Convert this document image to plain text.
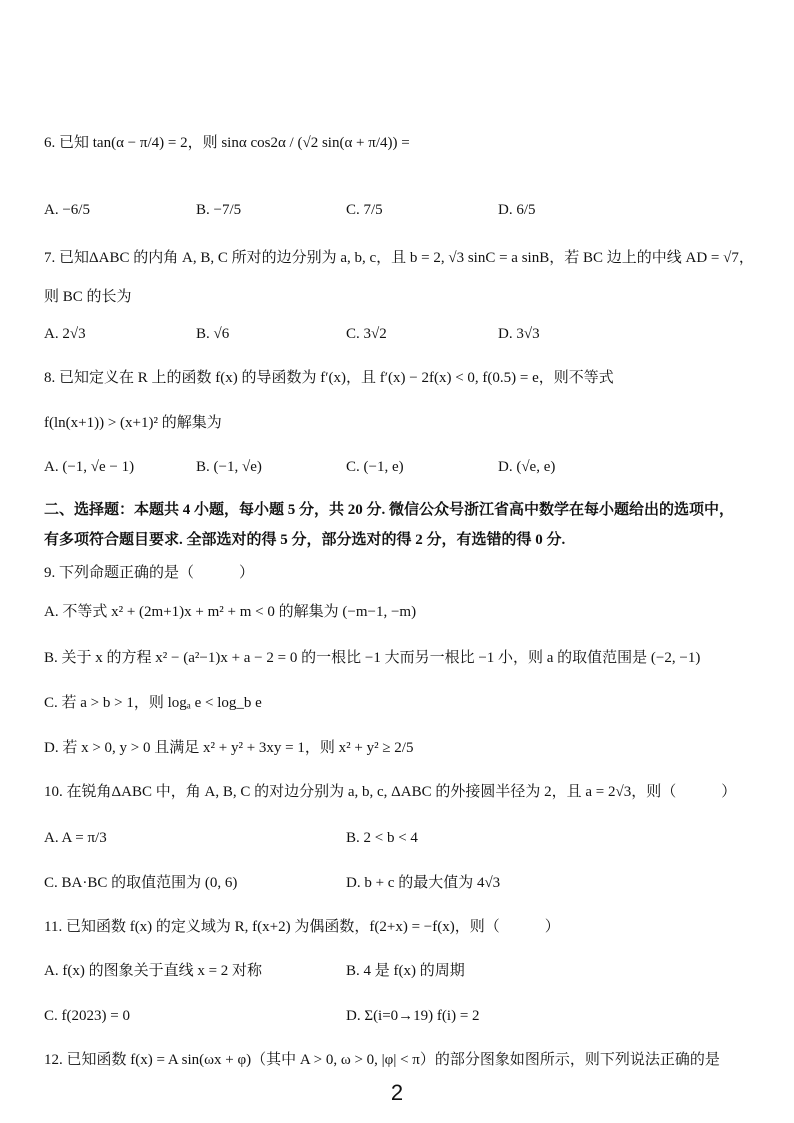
6. 已知 tan(α − π/4) = 2，则 sinα cos2α / (√2 sin(α + π/4)) =
A. −6/5	B. −7/5	C. 7/5	D. 6/5
7. 已知ΔABC 的内角 A, B, C 所对的边分别为 a, b, c，且 b = 2, √3 sinC = a sinB，若 BC 边上的中线 AD = √7，
则 BC 的长为
A. 2√3	B. √6	C. 3√2	D. 3√3
8. 已知定义在 R 上的函数 f(x) 的导函数为 f′(x)，且 f′(x) − 2f(x) < 0, f(0.5) = e，则不等式
f(ln(x+1)) > (x+1)² 的解集为
A. (−1, √e − 1)	B. (−1, √e)	C. (−1, e)	D. (√e, e)
二、选择题：本题共 4 小题，每小题 5 分，共 20 分. 微信公众号浙江省高中数学在每小题给出的选项中，
有多项符合题目要求. 全部选对的得 5 分，部分选对的得 2 分，有选错的得 0 分.
9. 下列命题正确的是（　　　）
A. 不等式 x² + (2m+1)x + m² + m < 0 的解集为 (−m−1, −m)
B. 关于 x 的方程 x² − (a²−1)x + a − 2 = 0 的一根比 −1 大而另一根比 −1 小，则 a 的取值范围是 (−2, −1)
C. 若 a > b > 1，则 logₐ e < log_b e
D. 若 x > 0, y > 0 且满足 x² + y² + 3xy = 1，则 x² + y² ≥ 2/5
10. 在锐角ΔABC 中，角 A, B, C 的对边分别为 a, b, c, ΔABC 的外接圆半径为 2，且 a = 2√3，则（　　　）
A. A = π/3	B. 2 < b < 4
C. BA·BC 的取值范围为 (0, 6)	D. b + c 的最大值为 4√3
11. 已知函数 f(x) 的定义域为 R, f(x+2) 为偶函数，f(2+x) = −f(x)，则（　　　）
A. f(x) 的图象关于直线 x = 2 对称	B. 4 是 f(x) 的周期
C. f(2023) = 0	D. Σ(i=0→19) f(i) = 2
12. 已知函数 f(x) = A sin(ωx + φ)（其中 A > 0, ω > 0, |φ| < π）的部分图象如图所示，则下列说法正确的是
2
